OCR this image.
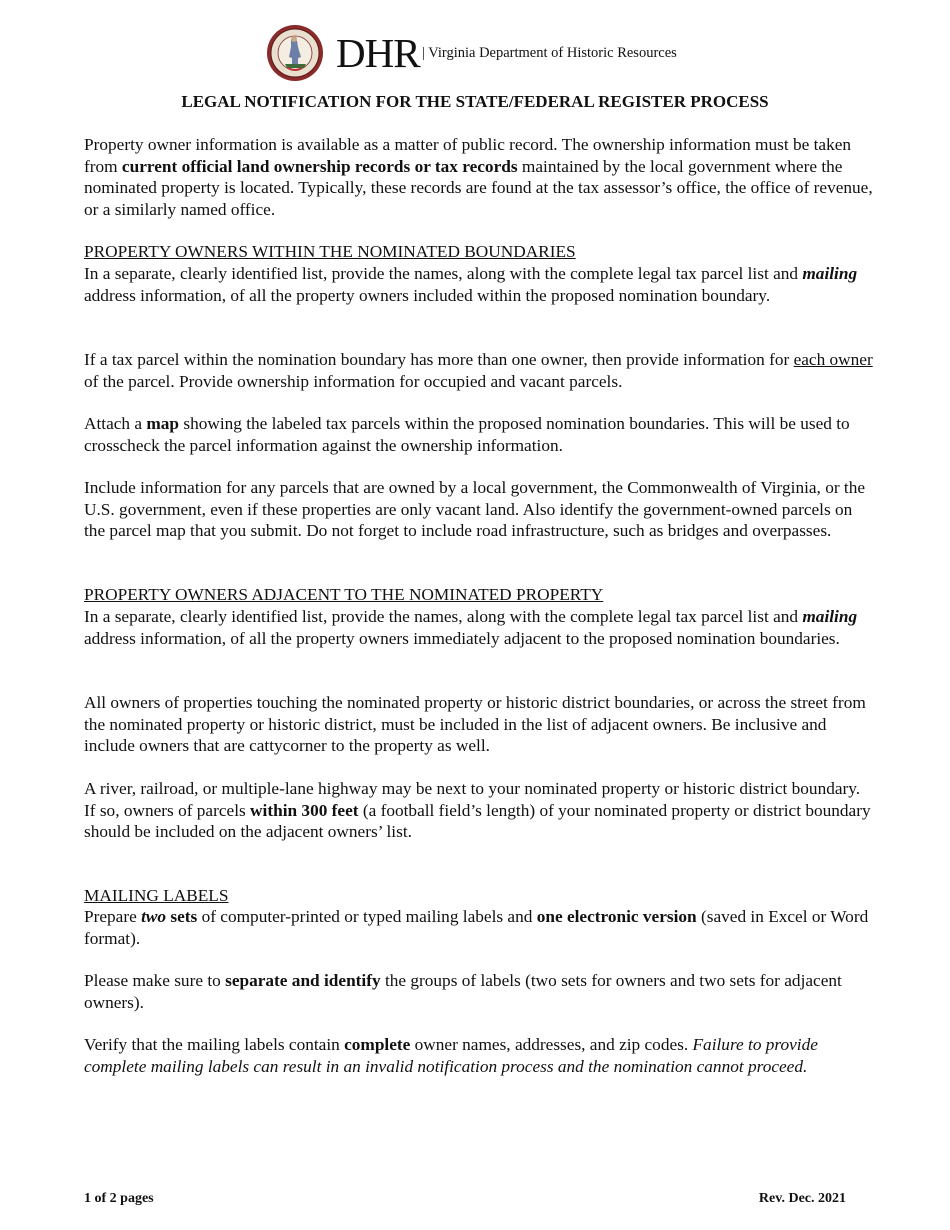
DHR | Virginia Department of Historic Resources
LEGAL NOTIFICATION FOR THE STATE/FEDERAL REGISTER PROCESS

Property owner information is available as a matter of public record. The ownership information must be taken from current official land ownership records or tax records maintained by the local government where the nominated property is located. Typically, these records are found at the tax assessor’s office, the office of revenue, or a similarly named office.

PROPERTY OWNERS WITHIN THE NOMINATED BOUNDARIES

In a separate, clearly identified list, provide the names, along with the complete legal tax parcel list and mailing address information, of all the property owners included within the proposed nomination boundary.

If a tax parcel within the nomination boundary has more than one owner, then provide information for each owner of the parcel. Provide ownership information for occupied and vacant parcels.

Attach a map showing the labeled tax parcels within the proposed nomination boundaries. This will be used to crosscheck the parcel information against the ownership information.

Include information for any parcels that are owned by a local government, the Commonwealth of Virginia, or the U.S. government, even if these properties are only vacant land. Also identify the government-owned parcels on the parcel map that you submit. Do not forget to include road infrastructure, such as bridges and overpasses.

PROPERTY OWNERS ADJACENT TO THE NOMINATED PROPERTY

In a separate, clearly identified list, provide the names, along with the complete legal tax parcel list and mailing address information, of all the property owners immediately adjacent to the proposed nomination boundaries.

All owners of properties touching the nominated property or historic district boundaries, or across the street from the nominated property or historic district, must be included in the list of adjacent owners. Be inclusive and include owners that are cattycorner to the property as well.

A river, railroad, or multiple-lane highway may be next to your nominated property or historic district boundary. If so, owners of parcels within 300 feet (a football field’s length) of your nominated property or district boundary should be included on the adjacent owners’ list.

MAILING LABELS

Prepare two sets of computer-printed or typed mailing labels and one electronic version (saved in Excel or Word format).

Please make sure to separate and identify the groups of labels (two sets for owners and two sets for adjacent owners).

Verify that the mailing labels contain complete owner names, addresses, and zip codes. Failure to provide complete mailing labels can result in an invalid notification process and the nomination cannot proceed.

1 of 2 pages	Rev. Dec. 2021
